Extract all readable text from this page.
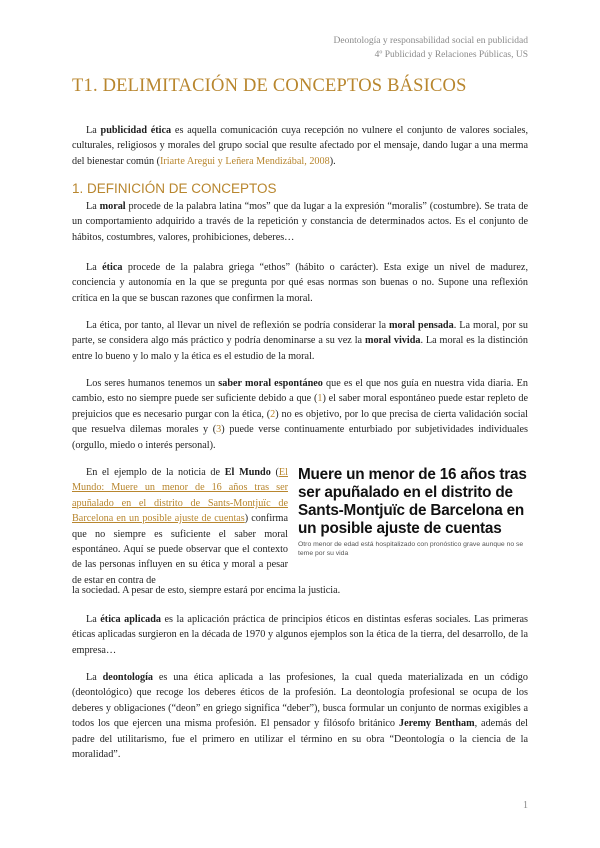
Deontología y responsabilidad social en publicidad
4º Publicidad y Relaciones Públicas, US
T1. DELIMITACIÓN DE CONCEPTOS BÁSICOS

La publicidad ética es aquella comunicación cuya recepción no vulnere el conjunto de valores sociales, culturales, religiosos y morales del grupo social que resulte afectado por el mensaje, dando lugar a una merma del bienestar común (Iriarte Aregui y Leñera Mendizábal, 2008).

1. DEFINICIÓN DE CONCEPTOS

La moral procede de la palabra latina “mos” que da lugar a la expresión “moralis” (costumbre). Se trata de un comportamiento adquirido a través de la repetición y constancia de determinados actos. Es el conjunto de hábitos, costumbres, valores, prohibiciones, deberes…

La ética procede de la palabra griega “ethos” (hábito o carácter). Esta exige un nivel de madurez, conciencia y autonomía en la que se pregunta por qué esas normas son buenas o no. Supone una reflexión crítica en la que se buscan razones que confirmen la moral.

La ética, por tanto, al llevar un nivel de reflexión se podría considerar la moral pensada. La moral, por su parte, se considera algo más práctico y podría denominarse a su vez la moral vivida. La moral es la distinción entre lo bueno y lo malo y la ética es el estudio de la moral.

Los seres humanos tenemos un saber moral espontáneo que es el que nos guía en nuestra vida diaria. En cambio, esto no siempre puede ser suficiente debido a que (1) el saber moral espontáneo puede estar repleto de prejuicios que es necesario purgar con la ética, (2) no es objetivo, por lo que precisa de cierta validación social que resuelva dilemas morales y (3) puede verse continuamente enturbiado por subjetividades individuales (orgullo, miedo o interés personal).

En el ejemplo de la noticia de El Mundo (El Mundo: Muere un menor de 16 años tras ser apuñalado en el distrito de Sants-Montjuïc de Barcelona en un posible ajuste de cuentas) confirma que no siempre es suficiente el saber moral espontáneo. Aquí se puede observar que el contexto de las personas influyen en su ética y moral a pesar de estar en contra de

la sociedad. A pesar de esto, siempre estará por encima la justicia.

Muere un menor de 16 años tras ser apuñalado en el distrito de Sants-Montjuïc de Barcelona en un posible ajuste de cuentas
Otro menor de edad está hospitalizado con pronóstico grave aunque no se teme por su vida

La ética aplicada es la aplicación práctica de principios éticos en distintas esferas sociales. Las primeras éticas aplicadas surgieron en la década de 1970 y algunos ejemplos son la ética de la tierra, del desarrollo, de la empresa…

La deontología es una ética aplicada a las profesiones, la cual queda materializada en un código (deontológico) que recoge los deberes éticos de la profesión. La deontología profesional se ocupa de los deberes y obligaciones (“deon” en griego significa “deber”), busca formular un conjunto de normas exigibles a todos los que ejercen una misma profesión. El pensador y filósofo británico Jeremy Bentham, además del padre del utilitarismo, fue el primero en utilizar el término en su obra “Deontología o la ciencia de la moralidad”.

1
